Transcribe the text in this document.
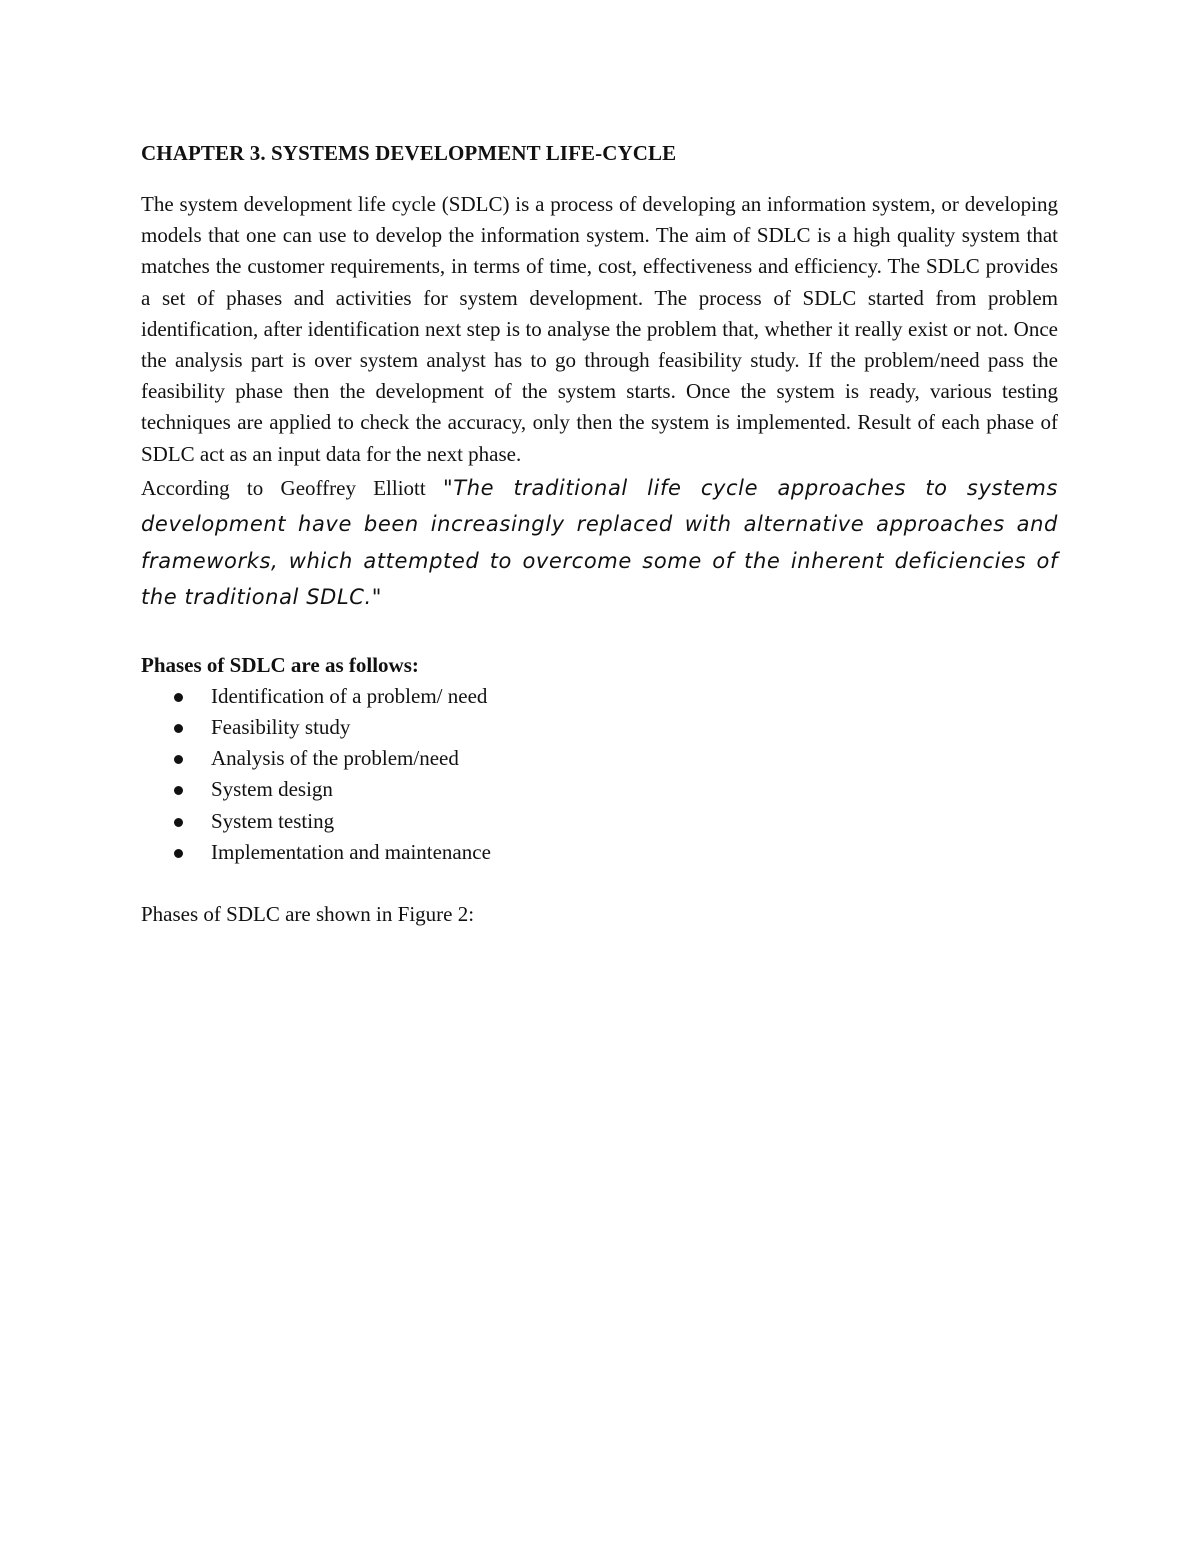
CHAPTER 3. SYSTEMS DEVELOPMENT LIFE-CYCLE

The system development life cycle (SDLC) is a process of developing an information system, or developing models that one can use to develop the information system. The aim of SDLC is a high quality system that matches the customer requirements, in terms of time, cost, effectiveness and efficiency. The SDLC provides a set of phases and activities for system development. The process of SDLC started from problem identification, after identification next step is to analyse the problem that, whether it really exist or not. Once the analysis part is over system analyst has to go through feasibility study. If the problem/need pass the feasibility phase then the development of the system starts. Once the system is ready, various testing techniques are applied to check the accuracy, only then the system is implemented. Result of each phase of SDLC act as an input data for the next phase.

According to Geoffrey Elliott "The traditional life cycle approaches to systems development have been increasingly replaced with alternative approaches and frameworks, which attempted to overcome some of the inherent deficiencies of the traditional SDLC."

Phases of SDLC are as follows:
Identification of a problem/ need
Feasibility study
Analysis of the problem/need
System design
System testing
Implementation and maintenance

Phases of SDLC are shown in Figure 2:
